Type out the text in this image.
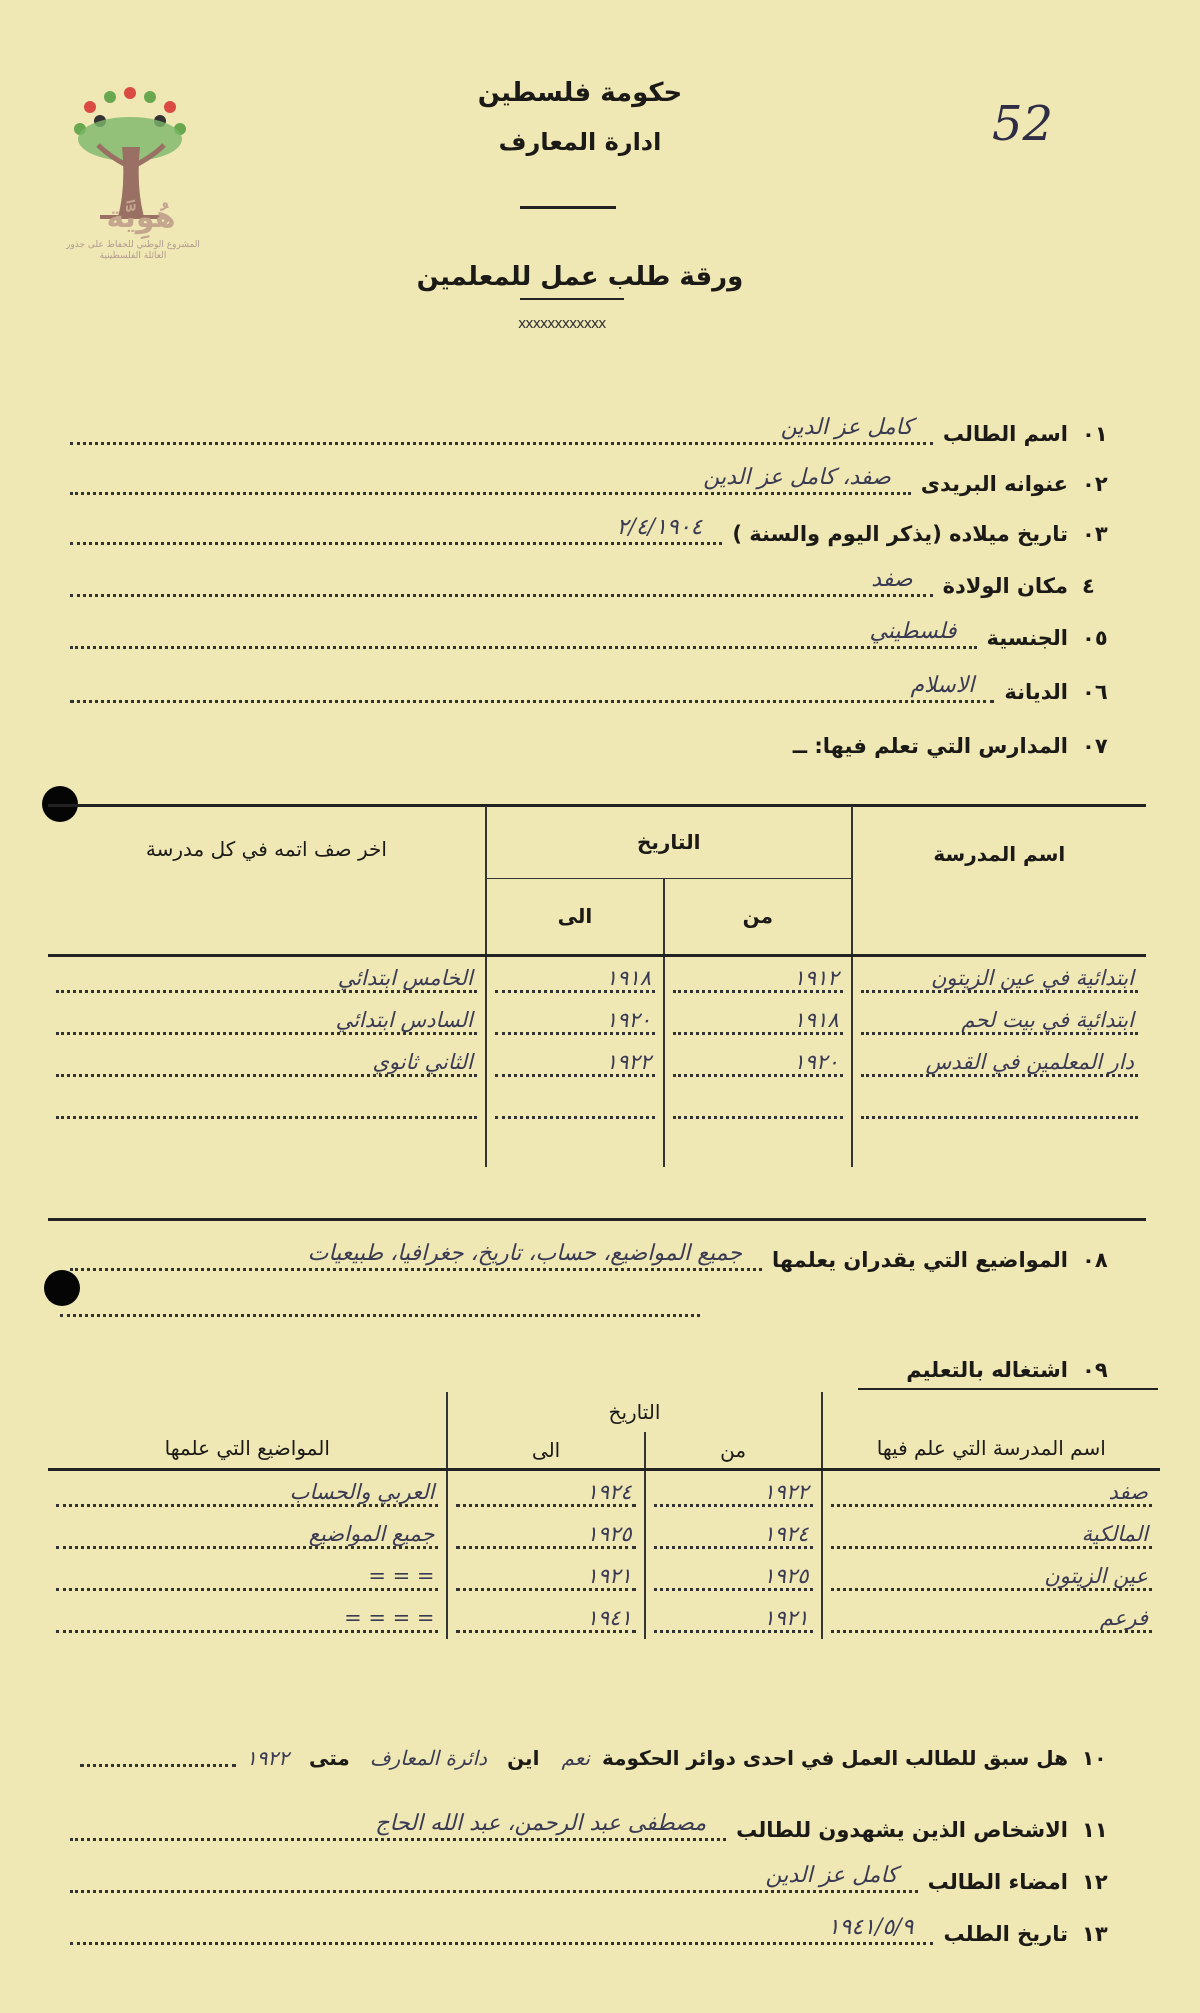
هُوِيَّة
المشروع الوطني للحفاظ على جذور العائلة الفلسطينية
حكومة فلسطين
ادارة المعارف	52
ورقة طلب عمل للمعلمين
xxxxxxxxxxxx
٠١
اسم الطالب
كامل عز الدين
٠٢
عنوانه البريدى
صفد، كامل عز الدين
٠٣
تاريخ ميلاده (يذكر اليوم والسنة )
٢/٤/١٩٠٤
٤
مكان الولادة
صفد
٠٥
الجنسية
فلسطيني
٠٦
الديانة
الاسلام
٠٧
المدارس التي تعلم فيها: ــ
اسم المدرسة	التاريخ		اخر صف اتمه في كل مدرسة
	من	الى	

ابتدائية في عين الزيتون	١٩١٢	١٩١٨	الخامس ابتدائي

ابتدائية في بيت لحم	١٩١٨	١٩٢٠	السادس ابتدائي

دار المعلمين في القدس	١٩٢٠	١٩٢٢	الثاني ثانوي

٠٨
المواضيع التي يقدران يعلمها
جميع المواضيع، حساب، تاريخ، جغرافيا، طبيعيات
٠٩
اشتغاله بالتعليم
اسم المدرسة التي علم فيها	التاريخ		المواضيع التي علمها
	من	الى	

صفد	١٩٢٢	١٩٢٤	العربي والحساب

المالكية	١٩٢٤	١٩٢٥	جميع المواضيع

عين الزيتون	١٩٢٥	١٩٢١	= = =

فرعم	١٩٢١	١٩٤١	= = = =
١٠
هل سبق للطالب العمل في احدى دوائر الحكومة
نعم
اين
دائرة المعارف
متى
١٩٢٢
١١
الاشخاص الذين يشهدون للطالب
مصطفى عبد الرحمن، عبد الله الحاج
١٢
امضاء الطالب
كامل عز الدين
١٣
تاريخ الطلب
١٩٤١/٥/٩
